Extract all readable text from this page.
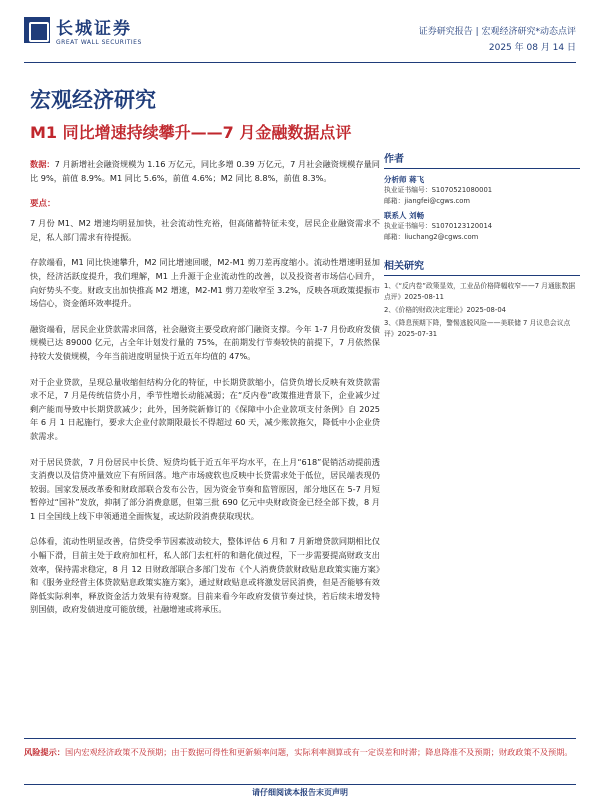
长城证券
GREAT WALL SECURITIES
证券研究报告 | 宏观经济研究*动态点评
2025 年 08 月 14 日
宏观经济研究
M1 同比增速持续攀升——7 月金融数据点评

数据：7 月新增社会融资规模为 1.16 万亿元，同比多增 0.39 万亿元，7 月社会融资规模存量同比 9%，前值 8.9%。M1 同比 5.6%，前值 4.6%；M2 同比 8.8%，前值 8.3%。

要点：

7 月份 M1、M2 增速均明显加快，社会流动性充裕，但高储蓄特征未变，居民企业融资需求不足，私人部门需求有待提振。

存款端看，M1 同比快速攀升，M2 同比增速回暖，M2-M1 剪刀差再度缩小。流动性增速明显加快，经济活跃度提升，我们理解，M1 上升源于企业流动性的改善，以及投资者市场信心回升，向好势头不变。财政支出加快推高 M2 增速，M2-M1 剪刀差收窄至 3.2%，反映各项政策提振市场信心，资金循环效率提升。

融资端看，居民企业贷款需求回落，社会融资主要受政府部门融资支撑。今年 1-7 月份政府发债规模已达 89000 亿元，占全年计划发行量的 75%，在前期发行节奏较快的前提下，7 月依然保持较大发债规模，今年当前进度明显快于近五年均值的 47%。

对于企业贷款，呈现总量收缩但结构分化的特征，中长期贷款缩小，信贷负增长反映有效贷款需求不足，7 月是传统信贷小月，季节性增长动能减弱；在“反内卷”政策推进背景下，企业减少过剩产能而导致中长期贷款减少；此外，国务院新修订的《保障中小企业款项支付条例》自 2025 年 6 月 1 日起施行，要求大企业付款期限最长不得超过 60 天，减少账款拖欠，降低中小企业贷款需求。

对于居民贷款，7 月份居民中长贷、短贷均低于近五年平均水平，在上月“618”促销活动提前透支消费以及信贷冲量效应下有所回落。地产市场疲软也反映中长贷需求处于低位，居民端表现仍较弱。国家发展改革委和财政部联合发布公告，因为资金节奏和监管原因，部分地区在 5-7 月短暂停过“国补”发放，抑制了部分消费意愿，但第三批 690 亿元中央财政资金已经全部下拨，8 月 1 日全国线上线下申领通道全面恢复，或达阶段消费获取现状。

总体看，流动性明显改善，信贷受季节因素波动较大，整体评估 6 月和 7 月新增贷款同期相比仅小幅下滑，目前主处于政府加杠杆，私人部门去杠杆的和谐化债过程，下一步需要提高财政支出效率，保持需求稳定，8 月 12 日财政部联合多部门发布《个人消费贷款财政贴息政策实施方案》和《服务业经营主体贷款贴息政策实施方案》，通过财政贴息或将激发居民消费，但是否能够有效降低实际利率，释放资金活力效果有待观察。目前来看今年政府发债节奏过快，若后续未增发特别国债，政府发债进度可能放缓，社融增速或将承压。

作者
分析师 蒋飞
执业证书编号：S1070521080001
邮箱：jiangfei@cgws.com
联系人 刘畅
执业证书编号：S1070123120014
邮箱：liuchang2@cgws.com
相关研究
1、《“反内卷”政策显效，工业品价格降幅收窄——7 月通胀数据点评》2025-08-11
2、《价格的财政决定理论》2025-08-04
3、《降息预期下降，警惕逃脱风险——美联储 7 月议息会议点评》2025-07-31
风险提示：国内宏观经济政策不及预期；由于数据可得性和更新频率问题，实际利率测算或有一定误差和时滞；降息降准不及预期；财政政策不及预期。
请仔细阅读本报告末页声明
